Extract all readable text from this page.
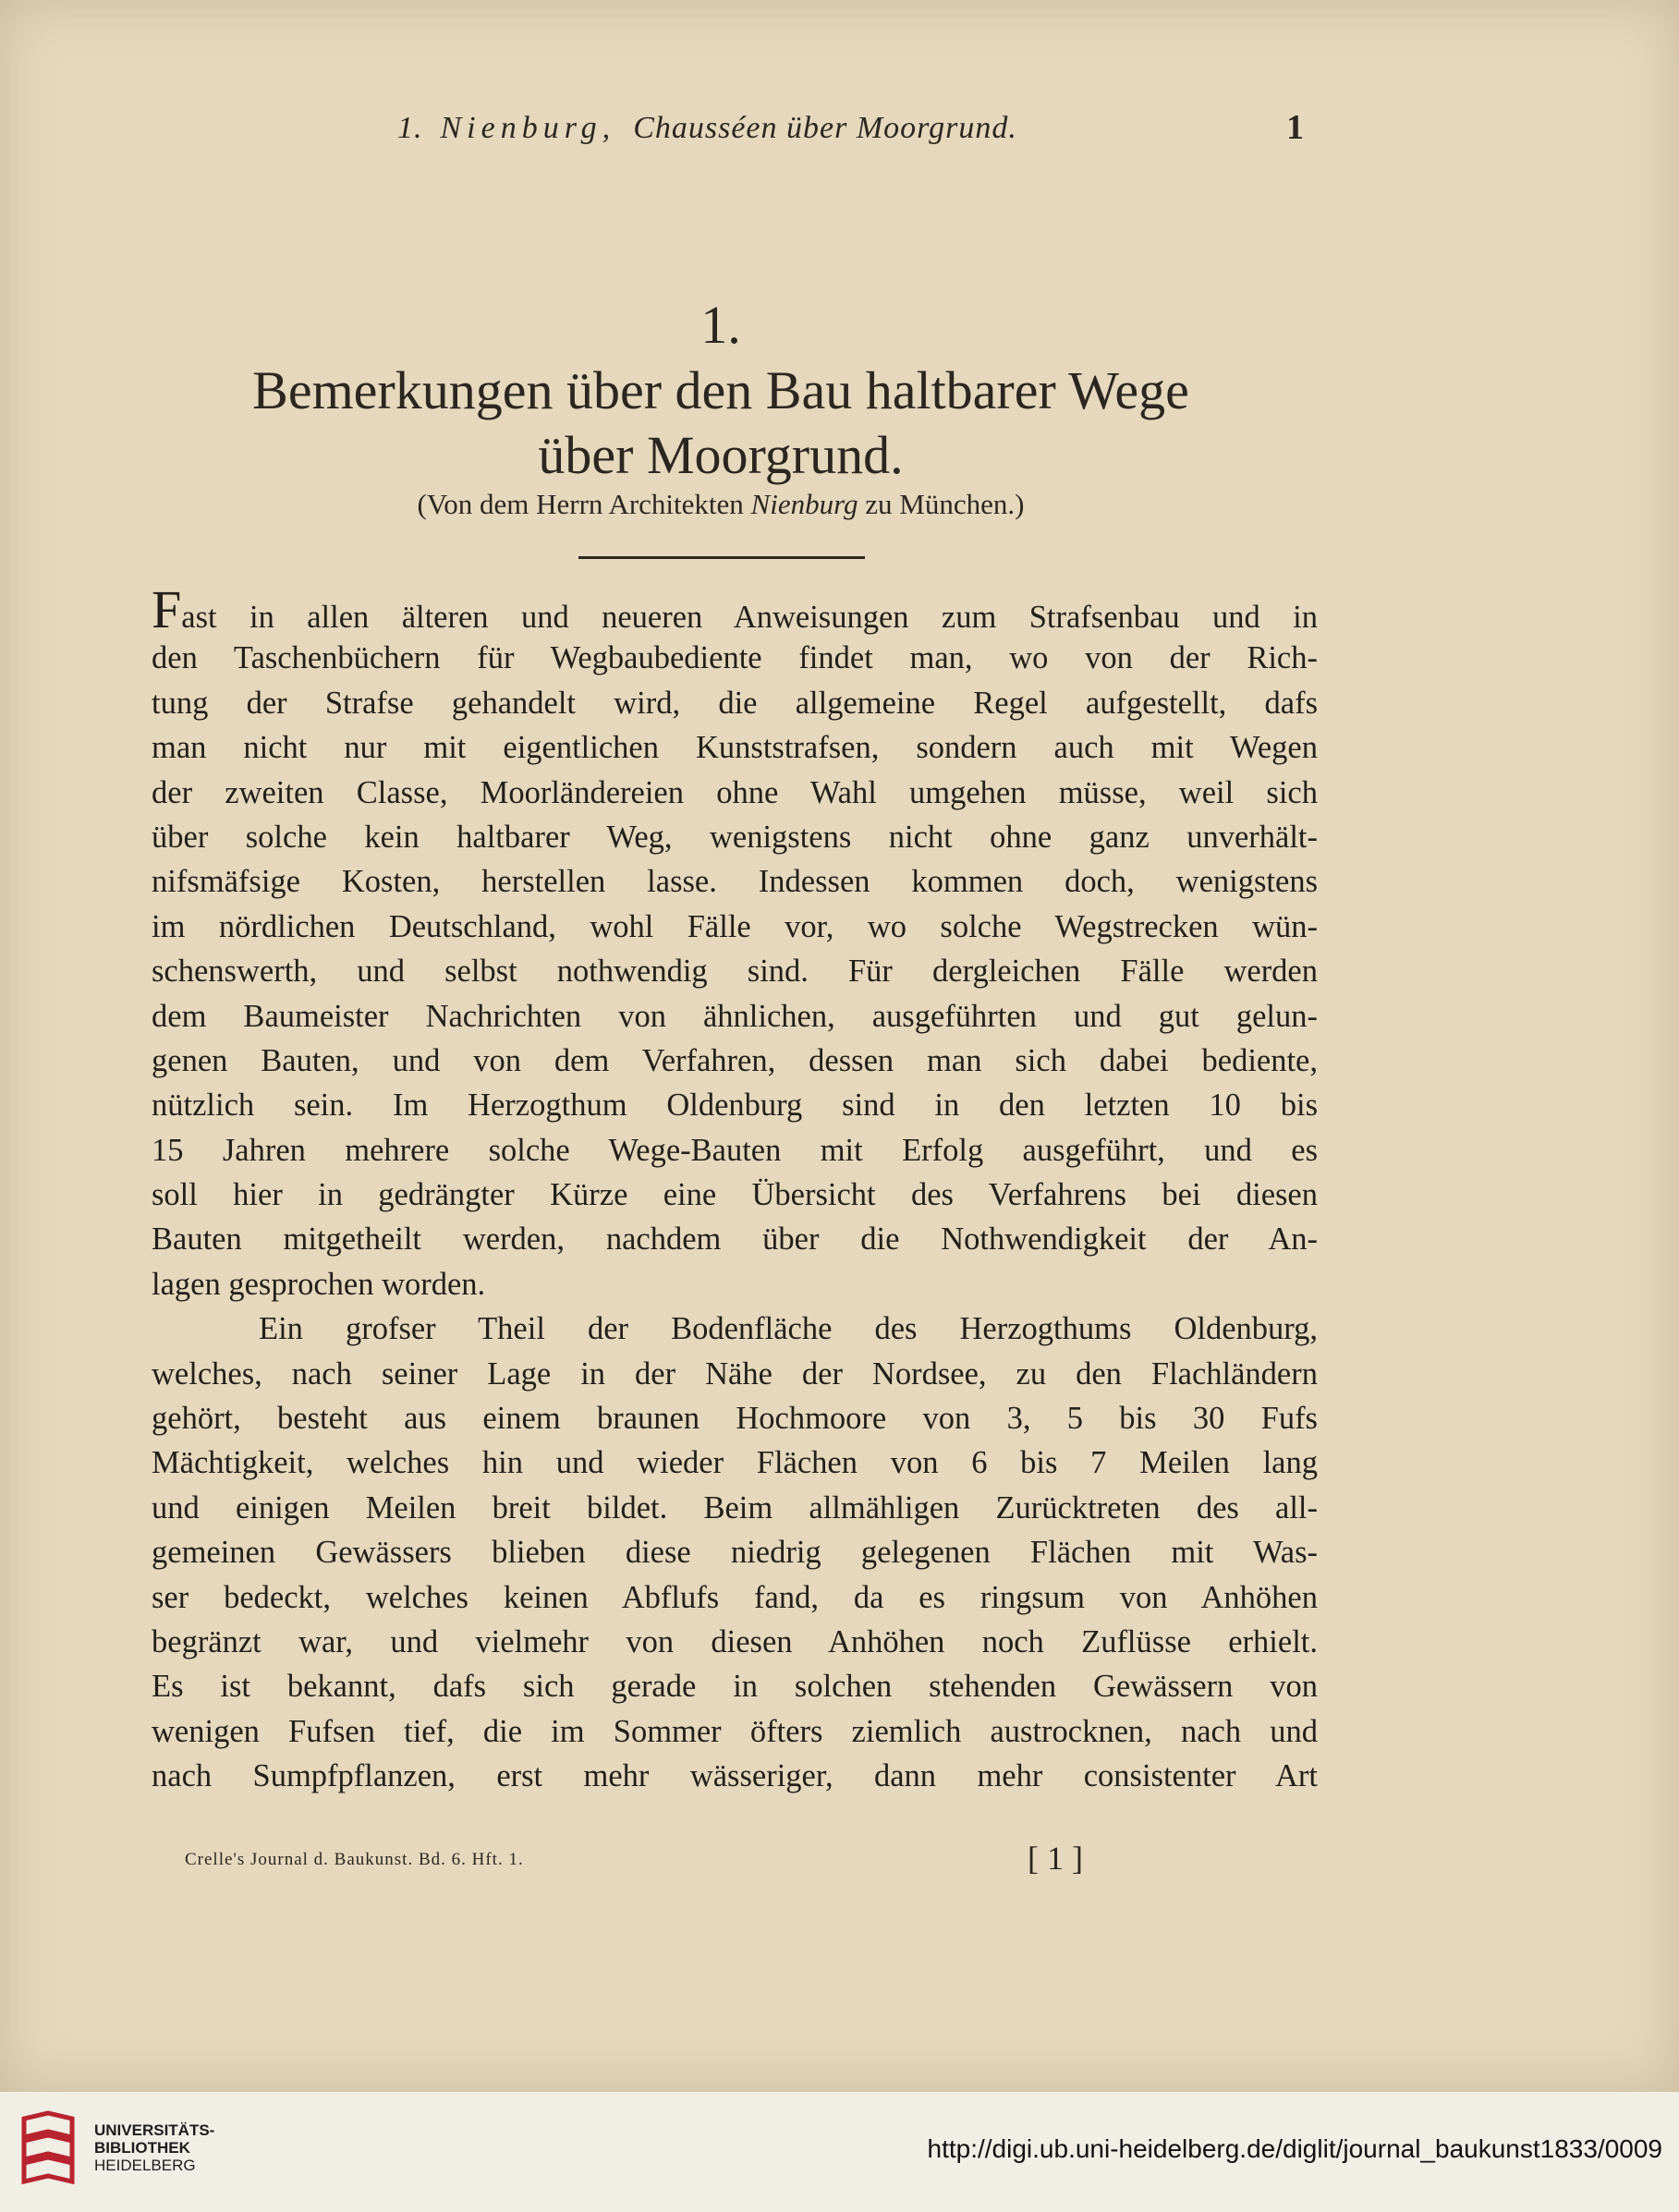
1. Nienburg, Chausséen über Moorgrund.	1
1.
Bemerkungen über den Bau haltbarer Wege
über Moorgrund.
(Von dem Herrn Architekten Nienburg zu München.)
Fast in allen älteren und neueren Anweisungen zum Strafsenbau und in
den Taschenbüchern für Wegbaubediente findet man, wo von der Rich-
tung der Strafse gehandelt wird, die allgemeine Regel aufgestellt, dafs
man nicht nur mit eigentlichen Kunststrafsen, sondern auch mit Wegen
der zweiten Classe, Moorländereien ohne Wahl umgehen müsse, weil sich
über solche kein haltbarer Weg, wenigstens nicht ohne ganz unverhält-
nifsmäfsige Kosten, herstellen lasse. Indessen kommen doch, wenigstens
im nördlichen Deutschland, wohl Fälle vor, wo solche Wegstrecken wün-
schenswerth, und selbst nothwendig sind. Für dergleichen Fälle werden
dem Baumeister Nachrichten von ähnlichen, ausgeführten und gut gelun-
genen Bauten, und von dem Verfahren, dessen man sich dabei bediente,
nützlich sein. Im Herzogthum Oldenburg sind in den letzten 10 bis
15 Jahren mehrere solche Wege-Bauten mit Erfolg ausgeführt, und es
soll hier in gedrängter Kürze eine Übersicht des Verfahrens bei diesen
Bauten mitgetheilt werden, nachdem über die Nothwendigkeit der An-
lagen gesprochen worden.
Ein grofser Theil der Bodenfläche des Herzogthums Oldenburg,
welches, nach seiner Lage in der Nähe der Nordsee, zu den Flachländern
gehört, besteht aus einem braunen Hochmoore von 3, 5 bis 30 Fufs
Mächtigkeit, welches hin und wieder Flächen von 6 bis 7 Meilen lang
und einigen Meilen breit bildet. Beim allmähligen Zurücktreten des all-
gemeinen Gewässers blieben diese niedrig gelegenen Flächen mit Was-
ser bedeckt, welches keinen Abflufs fand, da es ringsum von Anhöhen
begränzt war, und vielmehr von diesen Anhöhen noch Zuflüsse erhielt.
Es ist bekannt, dafs sich gerade in solchen stehenden Gewässern von
wenigen Fufsen tief, die im Sommer öfters ziemlich austrocknen, nach und
nach Sumpfpflanzen, erst mehr wässeriger, dann mehr consistenter Art
Crelle's Journal d. Baukunst. Bd. 6. Hft. 1.	[ 1 ]
UNIVERSITÄTS-
BIBLIOTHEK
HEIDELBERG
http://digi.ub.uni-heidelberg.de/diglit/journal_baukunst1833/0009
